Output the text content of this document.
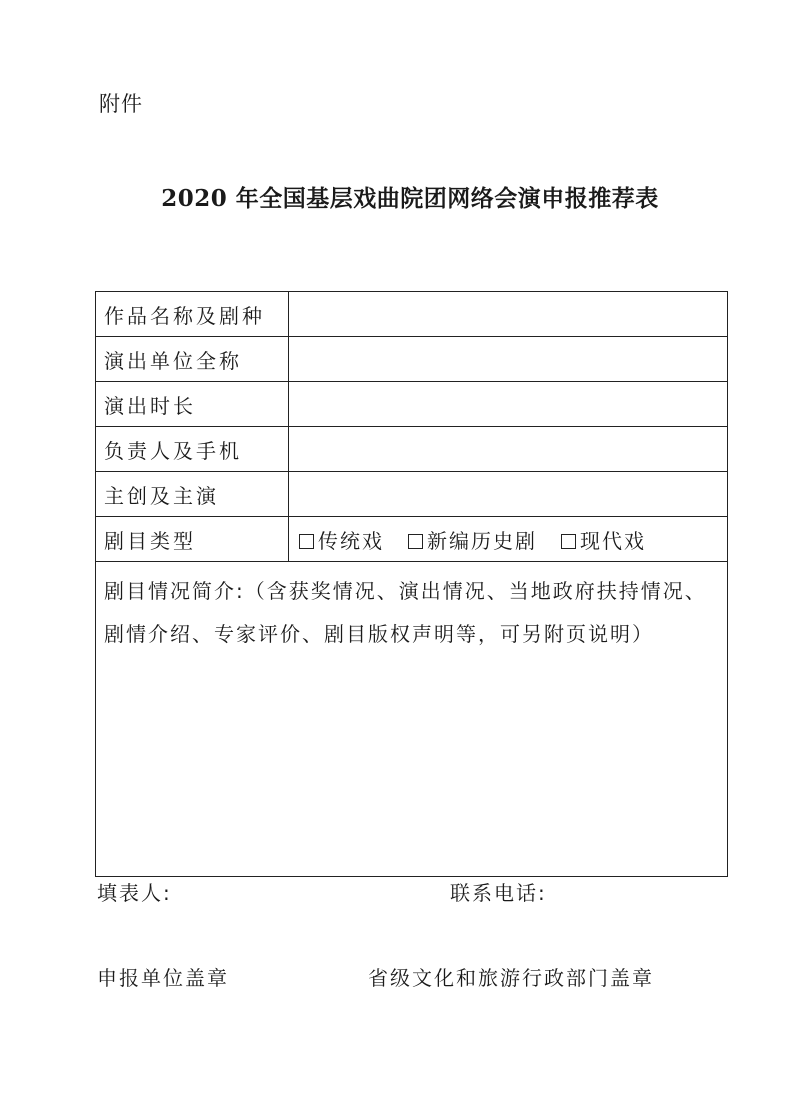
附件
2020 年全国基层戏曲院团网络会演申报推荐表
作品名称及剧种	
演出单位全称	
演出时长	
负责人及手机	
主创及主演	
剧目类型	传统戏 新编历史剧 现代戏
剧目情况简介:（含获奖情况、演出情况、当地政府扶持情况、剧情介绍、专家评价、剧目版权声明等，可另附页说明）	
填表人:	联系电话:
申报单位盖章	省级文化和旅游行政部门盖章
